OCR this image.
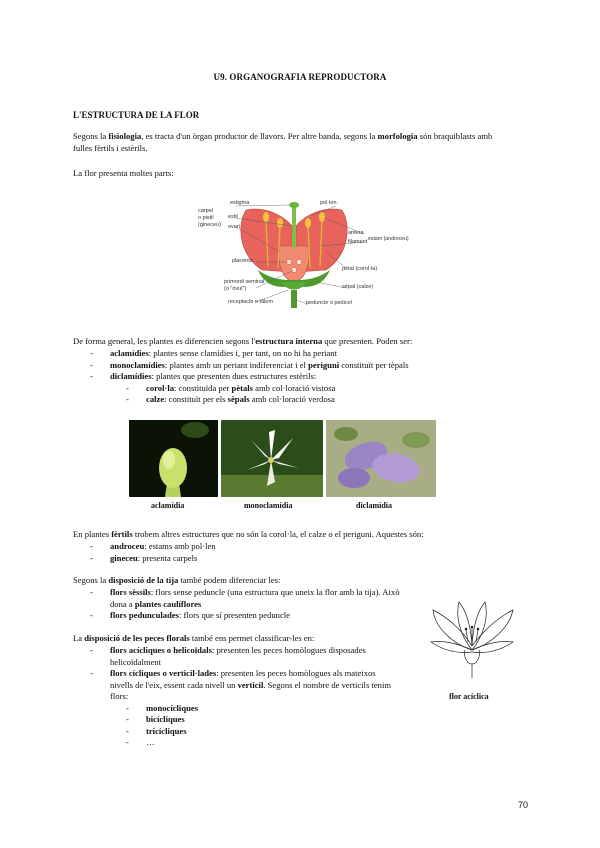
U9. ORGANOGRAFIA REPRODUCTORA
L'ESTRUCTURA DE LA FLOR
Segons la fisiologia, es tracta d'un òrgan productor de llavors. Per altre banda, segons la morfologia són braquiblasts amb
fulles fèrtils i estèrils.
La flor presenta moltes parts:
estigma	pol·len
carpel
o pistil
(gineceu)
estil
ovari
antera
filament estam (androceu)
placenta
pètal (corol·la)
primordi seminal
(o "òvul")	sèpal (calze)
receptacle o tàlem	peduncle o pedicel
De forma general, les plantes es diferencien segons l'estructura interna que presenten. Poden ser:
- aclamídies: plantes sense clamídies i, per tant, on no hi ha periant
- monoclamídies: plantes amb un periant indiferenciat i el periguni constituït per tèpals
- diclamídies: plantes que presenten dues estructures estèrils:
- corol·la: constituïda per pètals amb col·loració vistosa
- calze: constituït per els sèpals amb col·loració verdosa
aclamídia	monoclamídia	diclamídia
En plantes fèrtils trobem altres estructures que no són la corol·la, el calze o el periguni. Aquestes són:
- androceu: estams amb pol·len
- gineceu: presenta carpels
Segons la disposició de la tija també podem diferenciar les:
- flors sèssils: flors sense peduncle (una estructura que uneix la flor amb la tija). Això
dona a plantes caulíflores
- flors pedunculades: flors que sí presenten peduncle
La disposició de les peces florals també ens permet classificar-les en:
- flors acícliques o helicoïdals: presenten les peces homòlogues disposades
helicoïdalment
- flors cícliques o verticil·lades: presenten les peces homòlogues als mateixos
nivells de l'eix, essent cada nivell un verticil. Segons el nombre de verticils tenim
flors:
- monocícliques
- bicícliques
- tricícliques
- …
flor acíclica
70
